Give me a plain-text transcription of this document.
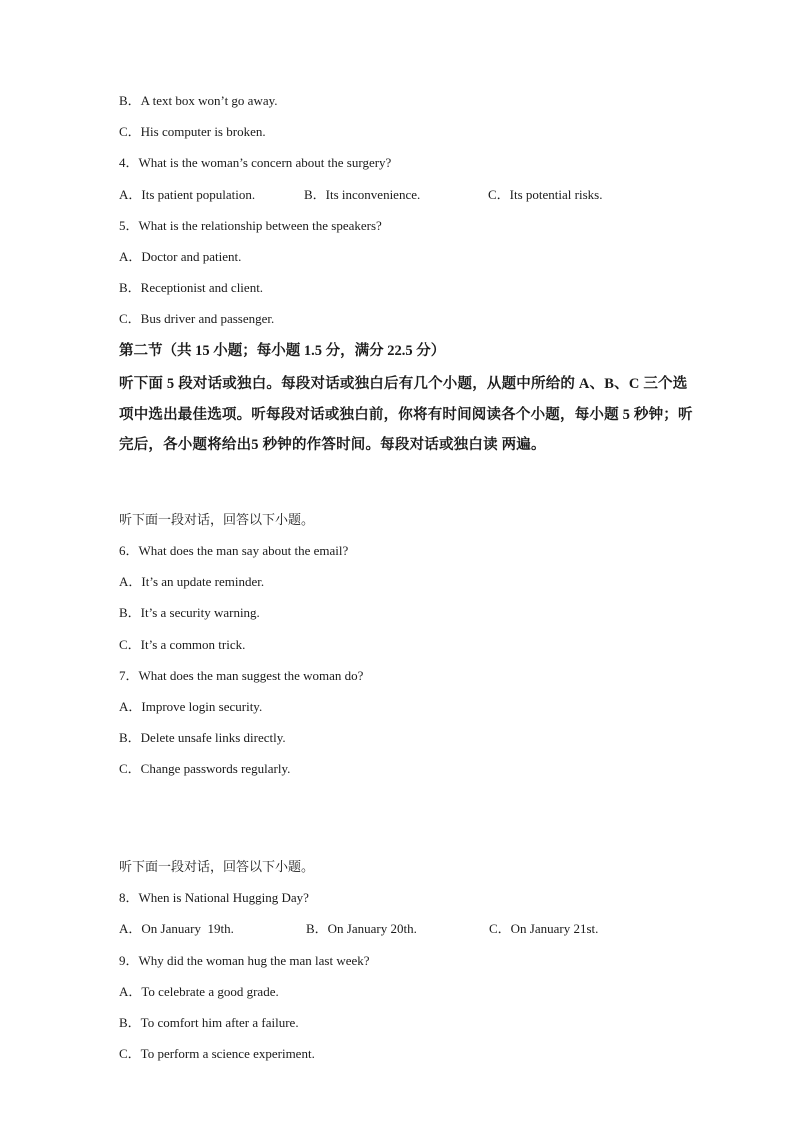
B．A text box won’t go away.
C．His computer is broken.
4．What is the woman’s concern about the surgery?

A．Its patient population.

	B．Its inconvenience.

	C．Its potential risks.

5．What is the relationship between the speakers?
A．Doctor and patient.
B．Receptionist and client.
C．Bus driver and passenger.
第二节（共 15 小题；每小题 1.5 分，满分 22.5 分）
听下面 5 段对话或独白。每段对话或独白后有几个小题，从题中所给的 A、B、C 三个选项中选出最佳选项。听每段对话或独白前，你将有时间阅读各个小题，每小题 5 秒钟；听完后，各小题将给出5 秒钟的作答时间。每段对话或独白读 两遍。
听下面一段对话，回答以下小题。
6．What does the man say about the email?
A．It’s an update reminder.
B．It’s a security warning.
C．It’s a common trick.
7．What does the man suggest the woman do?
A．Improve login security.
B．Delete unsafe links directly.
C．Change passwords regularly.
听下面一段对话，回答以下小题。
8．When is National Hugging Day?

A．On January  19th.

	B．On January 20th.

	C．On January 21st.

9．Why did the woman hug the man last week?
A．To celebrate a good grade.
B．To comfort him after a failure.
C．To perform a science experiment.
